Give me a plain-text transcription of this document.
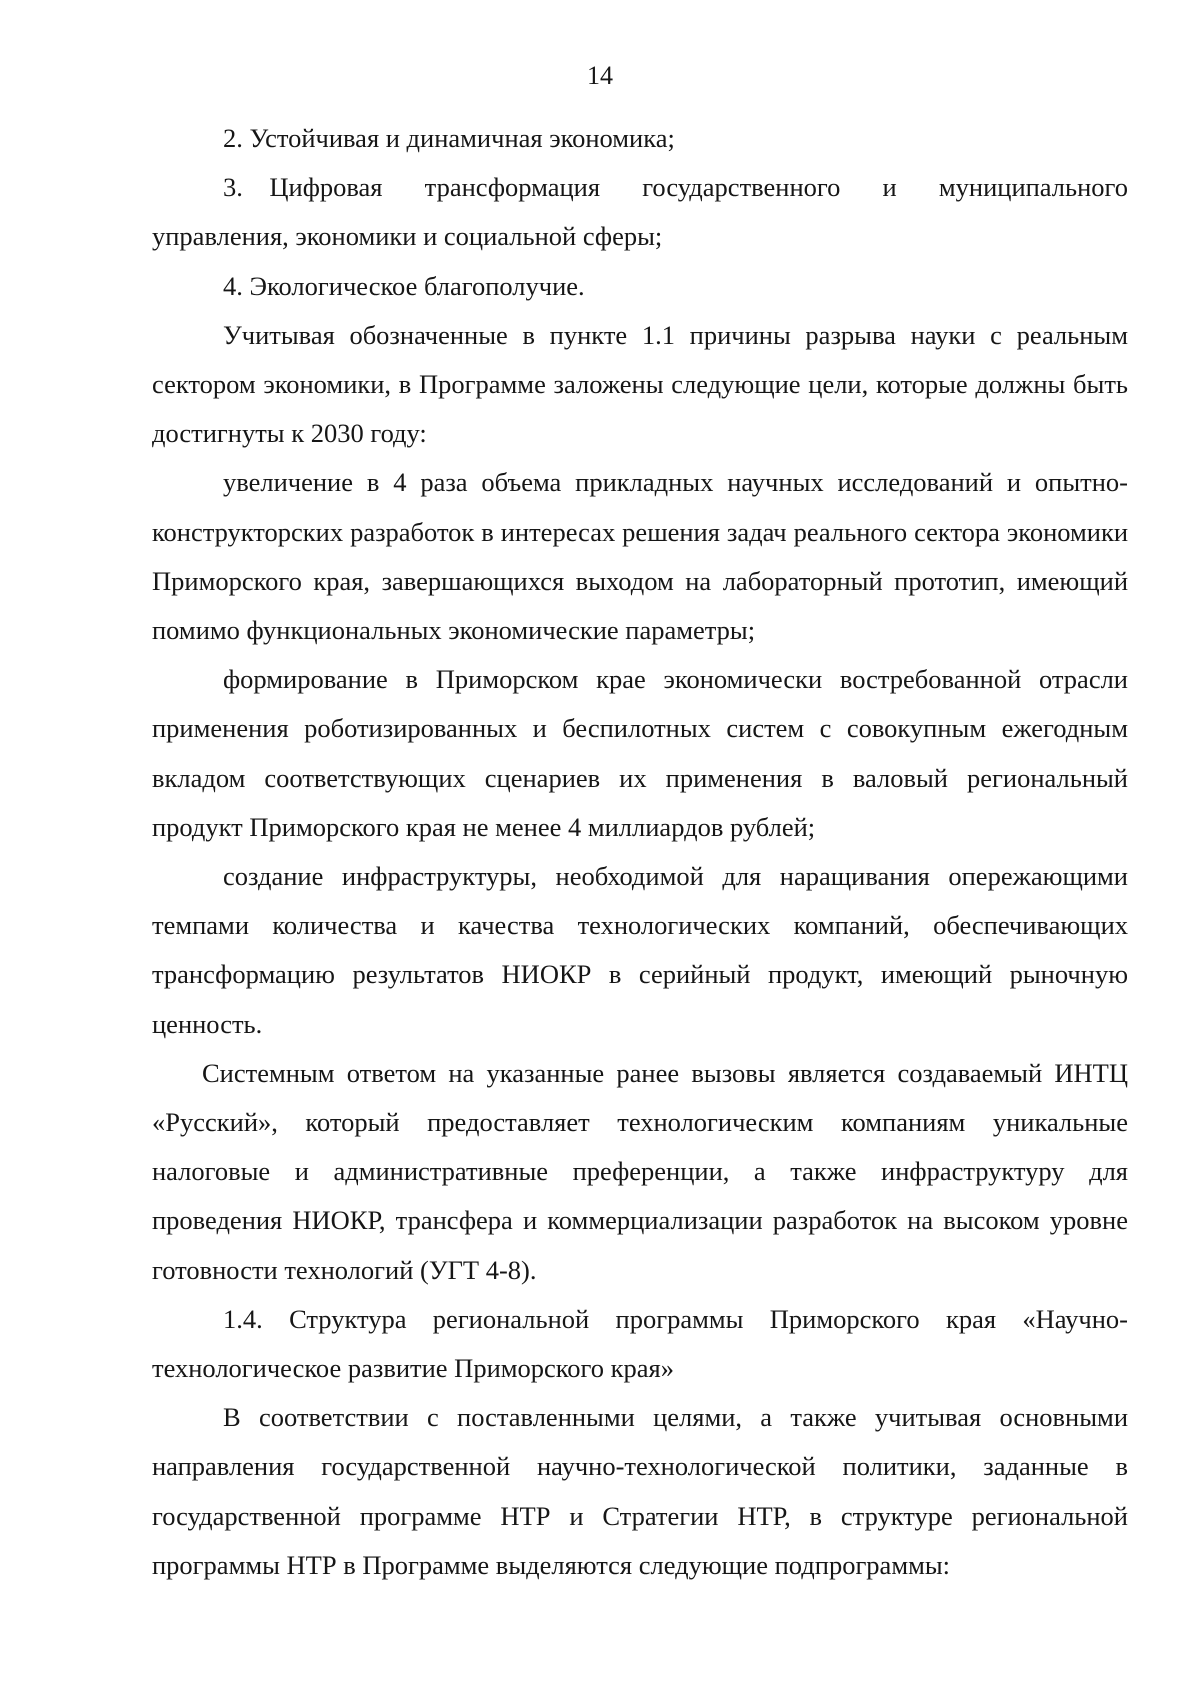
14

2. Устойчивая и динамичная экономика;

3. Цифровая трансформация государственного и муниципального управления, экономики и социальной сферы;

4. Экологическое благополучие.

Учитывая обозначенные в пункте 1.1 причины разрыва науки с реальным сектором экономики, в Программе заложены следующие цели, которые должны быть достигнуты к 2030 году:

увеличение в 4 раза объема прикладных научных исследований и опытно-конструкторских разработок в интересах решения задач реального сектора экономики Приморского края, завершающихся выходом на лабораторный прототип, имеющий помимо функциональных экономические параметры;

формирование в Приморском крае экономически востребованной отрасли применения роботизированных и беспилотных систем с совокупным ежегодным вкладом соответствующих сценариев их применения в валовый региональный продукт Приморского края не менее 4 миллиардов рублей;

создание инфраструктуры, необходимой для наращивания опережающими темпами количества и качества технологических компаний, обеспечивающих трансформацию результатов НИОКР в серийный продукт, имеющий рыночную ценность.

Системным ответом на указанные ранее вызовы является создаваемый ИНТЦ «Русский», который предоставляет технологическим компаниям уникальные налоговые и административные преференции, а также инфраструктуру для проведения НИОКР, трансфера и коммерциализации разработок на высоком уровне готовности технологий (УГТ 4-8).

1.4. Структура региональной программы Приморского края «Научно-технологическое развитие Приморского края»

В соответствии с поставленными целями, а также учитывая основными направления государственной научно-технологической политики, заданные в государственной программе НТР и Стратегии НТР, в структуре региональной программы НТР в Программе выделяются следующие подпрограммы:
